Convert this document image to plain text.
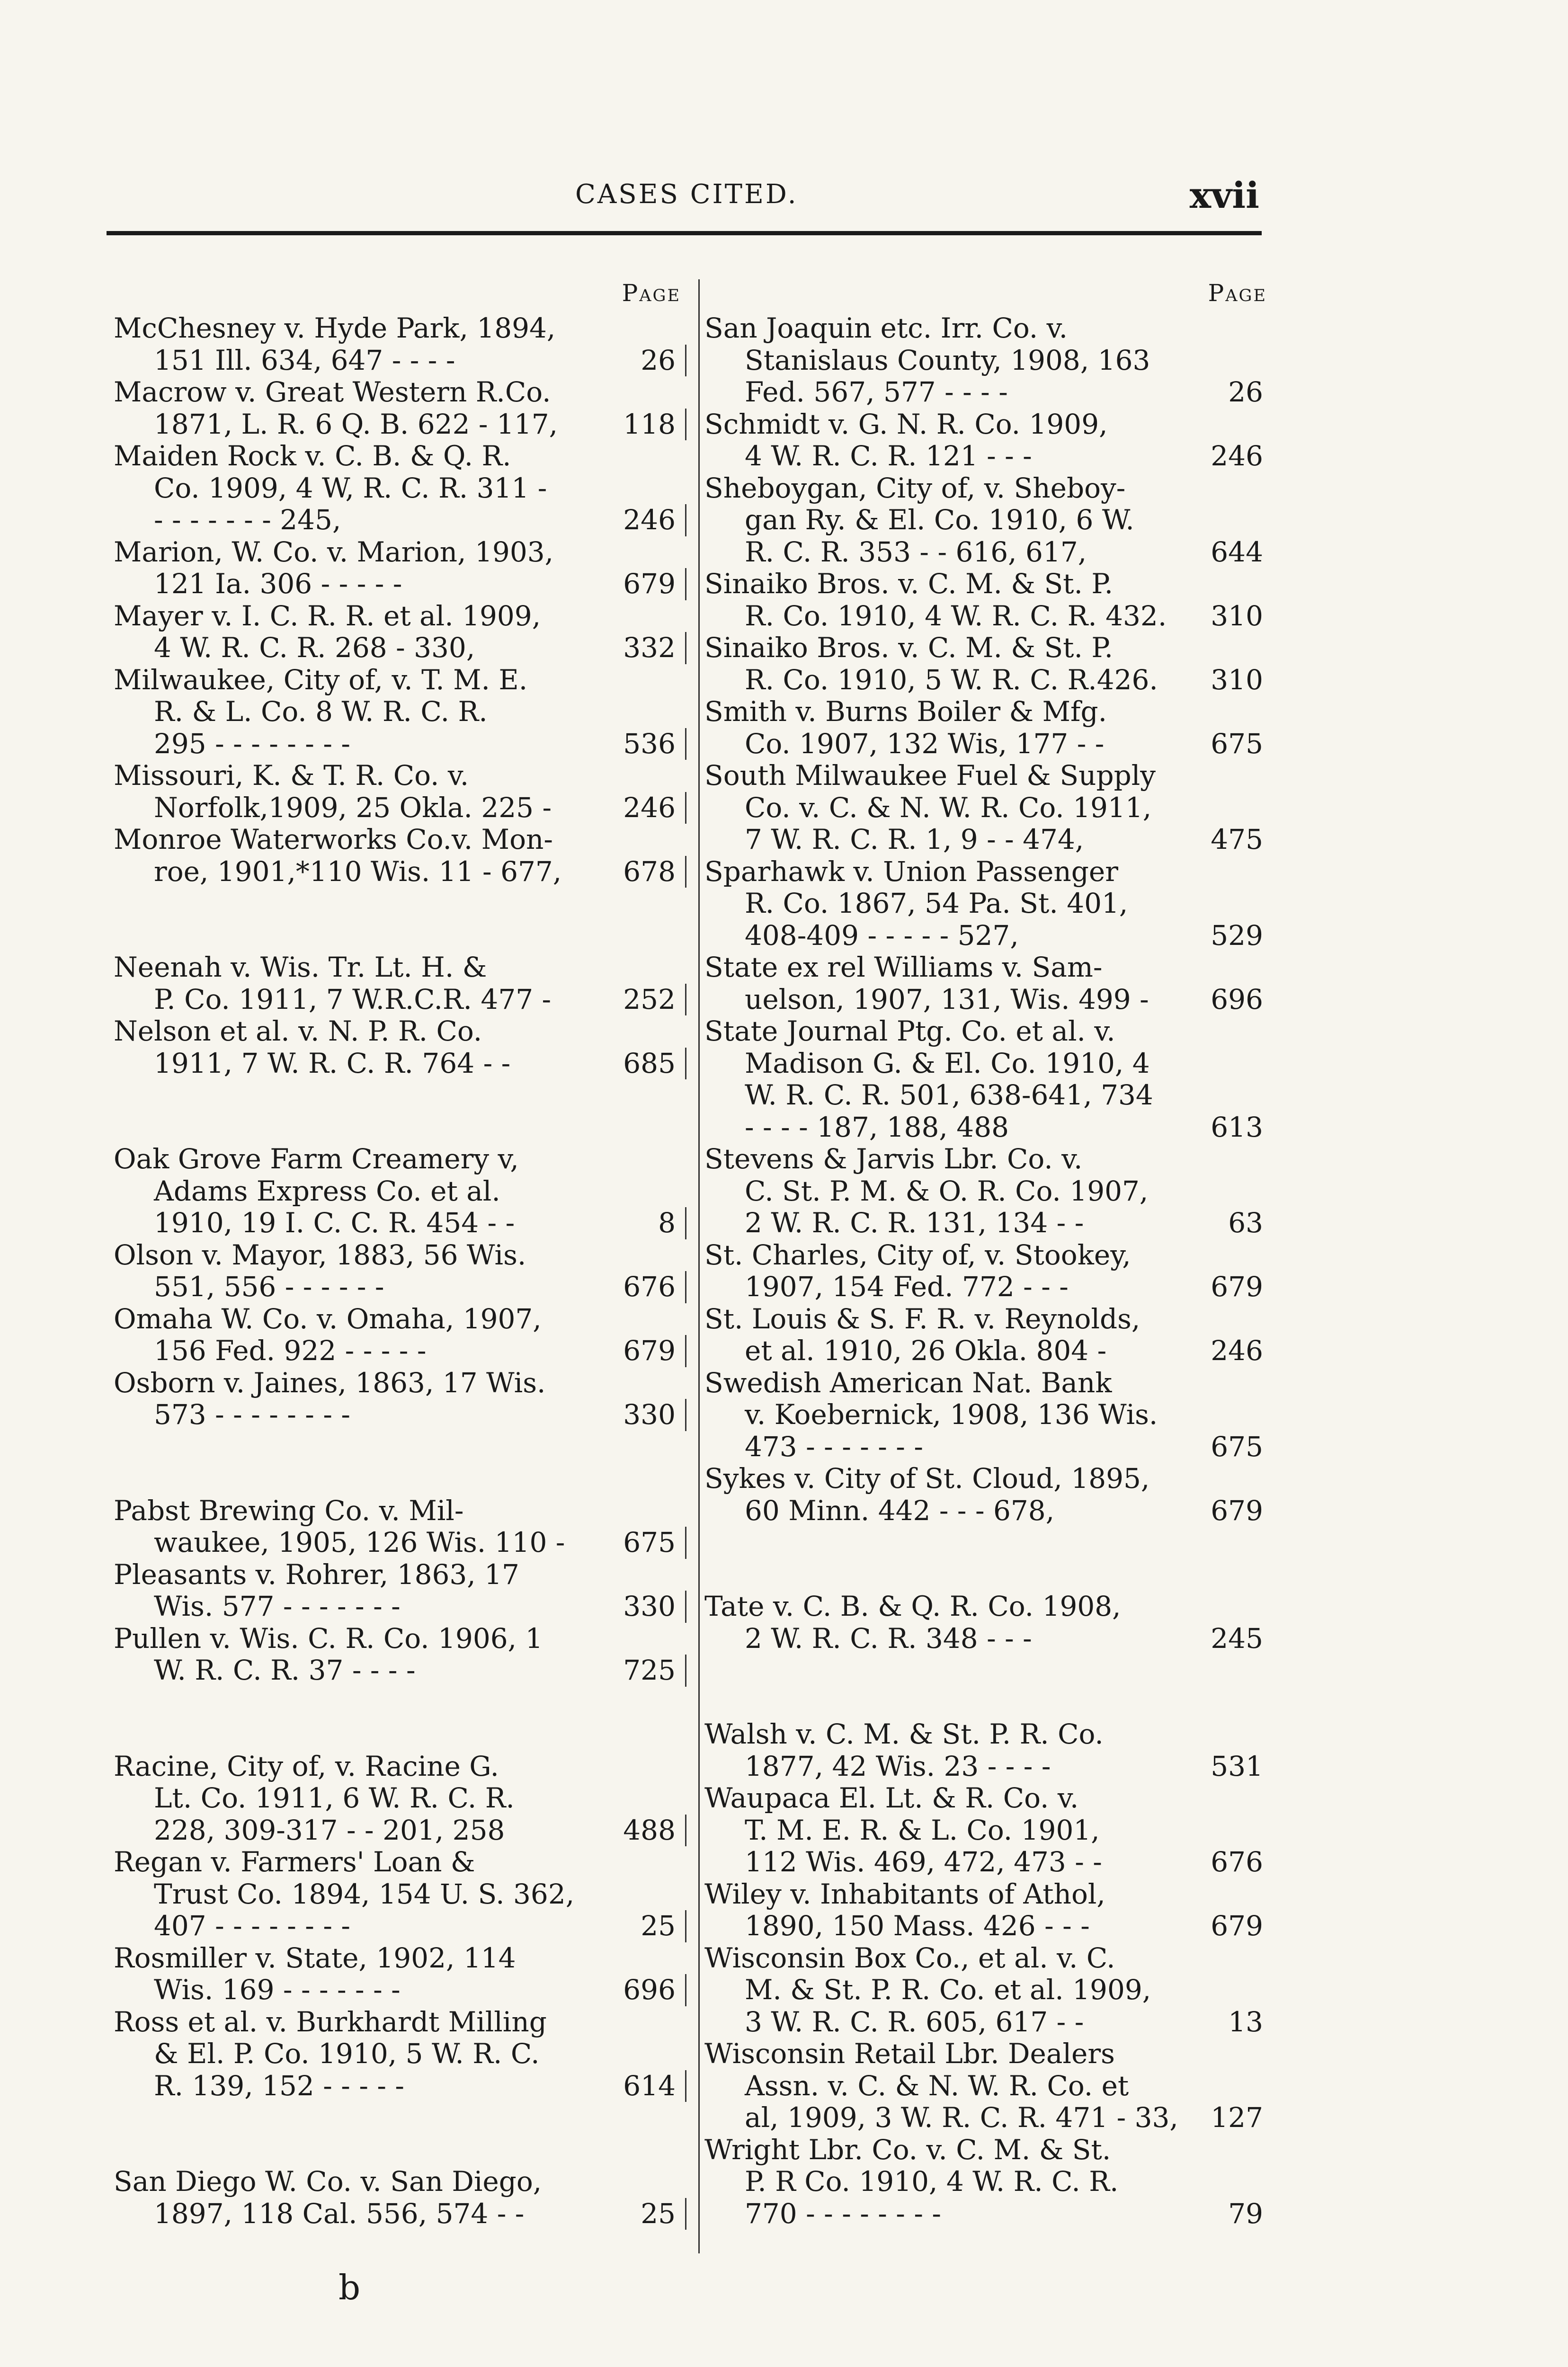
CASES CITED.	xvii
Page
McChesney v. Hyde Park, 1894,
151 Ill. 634, 647 - - - -	26
Macrow v. Great Western R.Co.
1871, L. R. 6 Q. B. 622 - 117,	118
Maiden Rock v. C. B. & Q. R.
Co. 1909, 4 W, R. C. R. 311 -
- - - - - - - 245,	246
Marion, W. Co. v. Marion, 1903,
121 Ia. 306 - - - - -	679
Mayer v. I. C. R. R. et al. 1909,
4 W. R. C. R. 268 - 330,	332
Milwaukee, City of, v. T. M. E.
R. & L. Co. 8 W. R. C. R.
295 - - - - - - - -	536
Missouri, K. & T. R. Co. v.
Norfolk,1909, 25 Okla. 225 -	246
Monroe Waterworks Co.v. Mon-
roe, 1901,*110 Wis. 11 - 677,	678
Neenah v. Wis. Tr. Lt. H. &
P. Co. 1911, 7 W.R.C.R. 477 -	252
Nelson et al. v. N. P. R. Co.
1911, 7 W. R. C. R. 764 - -	685
Oak Grove Farm Creamery v,
Adams Express Co. et al.
1910, 19 I. C. C. R. 454 - -	8
Olson v. Mayor, 1883, 56 Wis.
551, 556 - - - - - -	676
Omaha W. Co. v. Omaha, 1907,
156 Fed. 922 - - - - -	679
Osborn v. Jaines, 1863, 17 Wis.
573 - - - - - - - -	330
Pabst Brewing Co. v. Mil-
waukee, 1905, 126 Wis. 110 -	675
Pleasants v. Rohrer, 1863, 17
Wis. 577 - - - - - - -	330
Pullen v. Wis. C. R. Co. 1906, 1
W. R. C. R. 37 - - - -	725
Racine, City of, v. Racine G.
Lt. Co. 1911, 6 W. R. C. R.
228, 309-317 - - 201, 258	488
Regan v. Farmers' Loan &
Trust Co. 1894, 154 U. S. 362,
407 - - - - - - - -	25
Rosmiller v. State, 1902, 114
Wis. 169 - - - - - - -	696
Ross et al. v. Burkhardt Milling
& El. P. Co. 1910, 5 W. R. C.
R. 139, 152 - - - - -	614
San Diego W. Co. v. San Diego,
1897, 118 Cal. 556, 574 - -	25
Page
San Joaquin etc. Irr. Co. v.
Stanislaus County, 1908, 163
Fed. 567, 577 - - - -	26
Schmidt v. G. N. R. Co. 1909,
4 W. R. C. R. 121 - - -	246
Sheboygan, City of, v. Sheboy-
gan Ry. & El. Co. 1910, 6 W.
R. C. R. 353 - - 616, 617,	644
Sinaiko Bros. v. C. M. & St. P.
R. Co. 1910, 4 W. R. C. R. 432.	310
Sinaiko Bros. v. C. M. & St. P.
R. Co. 1910, 5 W. R. C. R.426.	310
Smith v. Burns Boiler & Mfg.
Co. 1907, 132 Wis, 177 - -	675
South Milwaukee Fuel & Supply
Co. v. C. & N. W. R. Co. 1911,
7 W. R. C. R. 1, 9 - - 474,	475
Sparhawk v. Union Passenger
R. Co. 1867, 54 Pa. St. 401,
408-409 - - - - - 527,	529
State ex rel Williams v. Sam-
uelson, 1907, 131, Wis. 499 -	696
State Journal Ptg. Co. et al. v.
Madison G. & El. Co. 1910, 4
W. R. C. R. 501, 638-641, 734
- - - - 187, 188, 488	613
Stevens & Jarvis Lbr. Co. v.
C. St. P. M. & O. R. Co. 1907,
2 W. R. C. R. 131, 134 - -	63
St. Charles, City of, v. Stookey,
1907, 154 Fed. 772 - - -	679
St. Louis & S. F. R. v. Reynolds,
et al. 1910, 26 Okla. 804 -	246
Swedish American Nat. Bank
v. Koebernick, 1908, 136 Wis.
473 - - - - - - -	675
Sykes v. City of St. Cloud, 1895,
60 Minn. 442 - - - 678,	679
Tate v. C. B. & Q. R. Co. 1908,
2 W. R. C. R. 348 - - -	245
Walsh v. C. M. & St. P. R. Co.
1877, 42 Wis. 23 - - - -	531
Waupaca El. Lt. & R. Co. v.
T. M. E. R. & L. Co. 1901,
112 Wis. 469, 472, 473 - -	676
Wiley v. Inhabitants of Athol,
1890, 150 Mass. 426 - - -	679
Wisconsin Box Co., et al. v. C.
M. & St. P. R. Co. et al. 1909,
3 W. R. C. R. 605, 617 - -	13
Wisconsin Retail Lbr. Dealers
Assn. v. C. & N. W. R. Co. et
al, 1909, 3 W. R. C. R. 471 - 33,	127
Wright Lbr. Co. v. C. M. & St.
P. R Co. 1910, 4 W. R. C. R.
770 - - - - - - - -	79
b
